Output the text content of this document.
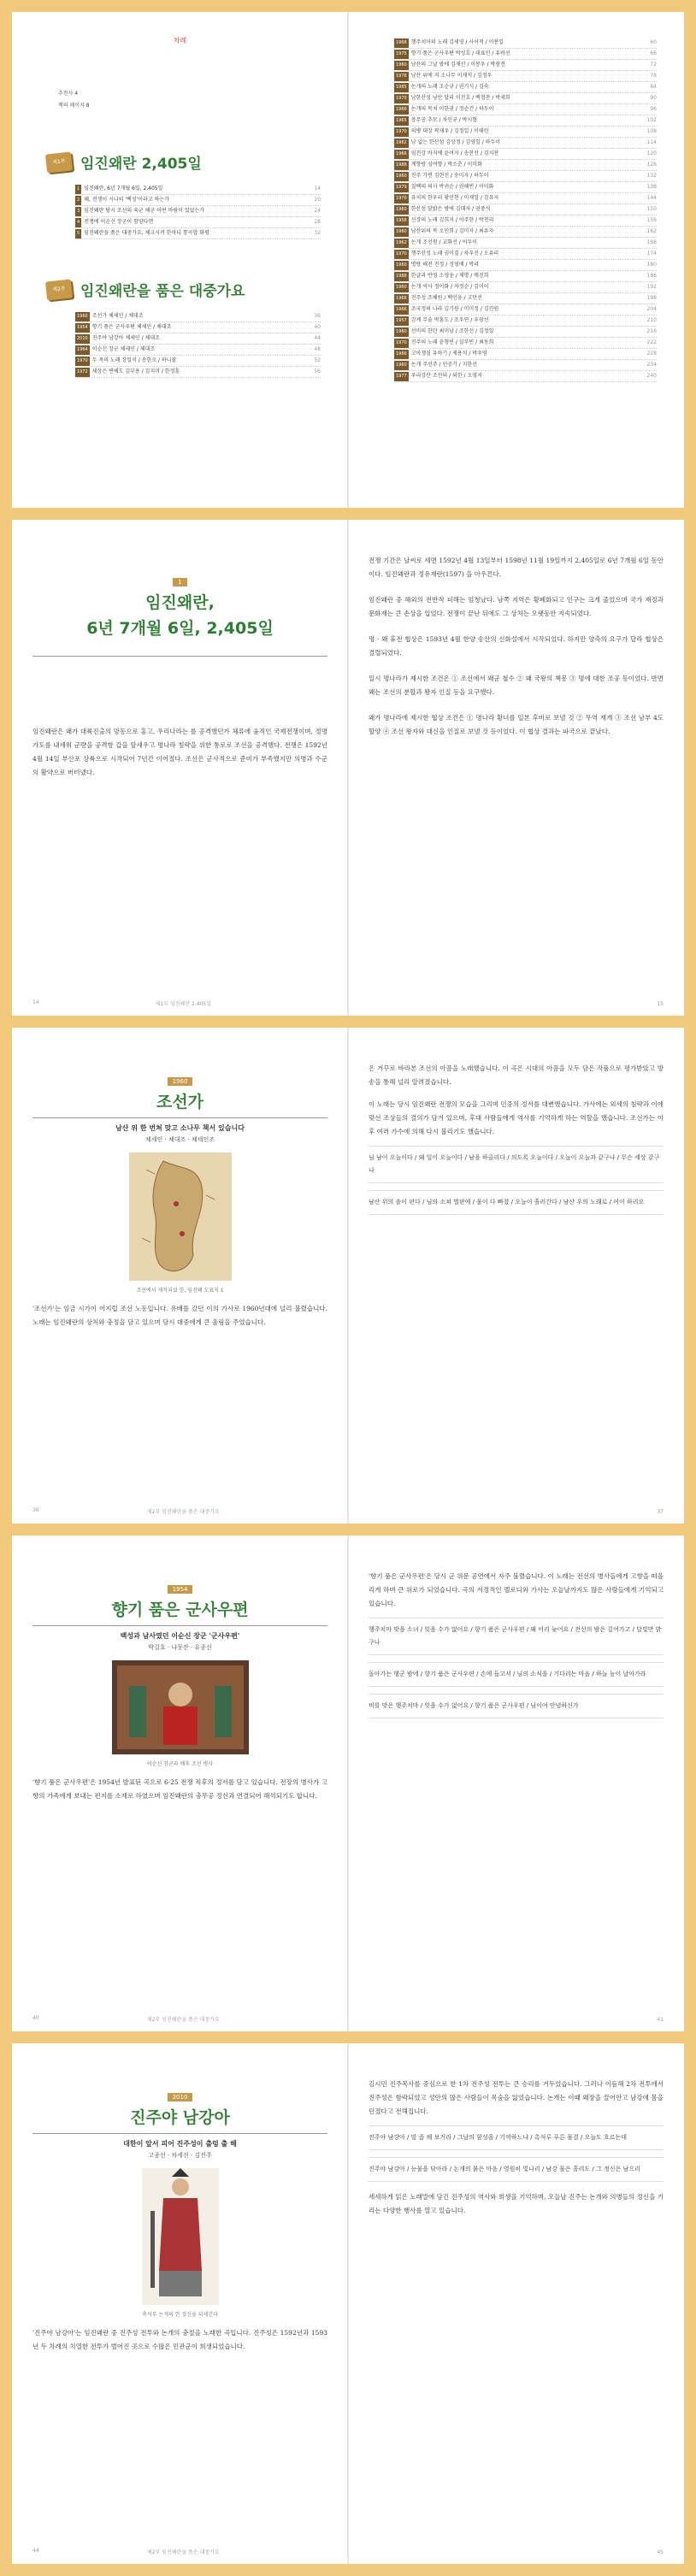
차례
추천사 4
책의 페이지 8
제1부	임진왜란 2,405일
1 임진왜란, 6년 7개월 6일, 2,405일	14
2 왜, 전쟁이 시나의 '백성'이라고 하는가	20
3 임진왜란 당시 조선의 육군 해군 어떤 바람이 있었는가	24
4 전쟁에 이순신 장군이 함양다면	28
5 임진왜란을 품은 대중가요, 체크시켜 한마디 통곡합 화평	32
제2부	임진왜란을 품은 대중가요
1960 조선가 체세인 / 체대조	36
1954 향기 품은 군사우편 체세인 / 체대조	40
2010 진주야 남강아 체세인 / 체대조	44
1964 이순신 장군 체세인 / 체대조	48
1970 두 목의 노래 장일석 / 송한오 / 하니잘	52
1972 세상은 변해도 김부용 / 김지미 / 한정훈	56
1968 행주치마의 노래 김세영 / 사이적 / 이봉일	60
1975 향기 품은 군사우편 박성호 / 대표인 / 유하선	66
1960 남산의 그날 밤에 김재선 / 이봉우 / 박창전	72
1978 남산 위에 저 소나무 이재석 / 김정우	78
1985 논개의 노래 조순규 / 권기식 / 김숙	84
1970 남한산성 낭산 달리 이진호 / 백정찬 / 박세희	90
1966 논개의 목쳐 이한권 / 정순건 / 하두이	96
1965 충무공 추모 / 차인규 / 박시형	102
1970 의병 대장 곽재우 / 김정일 / 이태린	108
1962 남 없는 한산섬 김상정 / 김영일 / 하두이	114
1966 임진강 바지에 윤여자 / 송찬선 / 김지찬	120
1988 계향랑 심여향 / 박소춘 / 이미화	126
1960 진주 가면 김현진 / 송미자 / 하두이	132
1979 칠백의 의사 박귀순 / 권혜빈 / 이미화	138
1970 유치의 한우리 황인현 / 이재일 / 김유지	144
1960 한산섬 달밝은 밤에 김대자 / 권중석	150
1958 신장의 노래 김희지 / 이주한 / 박천리	156
1960 남산위의 목 오민희 / 김미자 / 최유자	162
1962 논개 조선원 / 교화선 / 이두이	168
1970 행주산성 노래 권이결 / 차우선 / 오유리	174
1960 명랑 해전 진정 / 성영배 / 박리	180
1988 한글과 반영 소영웅 / 제명 / 매진희	186
1960 논개 역사 정이화 / 차정순 / 김미이	192
1966 진주성 조혜원 / 백인웅 / 고만선	198
1966 조국정의 나라 김기원 / 이미정 / 김진원	204
1957 감계 무술 박홍도 / 조우연 / 우광선	210
1960 선비의 한탄 최미남 / 조한선 / 김정일	216
1970 진주의 노래 윤형빈 / 실부빈 / 최동희	222
1966 고아쟁심 유하기 / 제용석 / 박우영	228
1960 논개 주선주 / 인공기 / 지한선	234
1977 우리강산 조선의 / 외한 / 오영지	240
1
임진왜란,
6년 7개월 6일, 2,405일

임진왜란은 왜가 대륙진출의 망동으로 홍고, 우리나라는 를 공격했던가 체류에 움직인 국제전쟁이며, 정명가도를 내세워 군량을 공격함 갑을 앞세우고 명나라 침략을 위한 통로로 조선을 공격했다. 전쟁은 1592년 4월 14일 부산포 상륙으로 시작되어 7년간 이어졌다. 조선은 군사적으로 준비가 부족했지만 의병과 수군의 활약으로 버텨냈다.

14	제1부 임진왜란 2,405일

전쟁 기간은 날씨로 세면 1592년 4월 13일부터 1598년 11월 19일까지 2,405일로 6년 7개월 6일 동안이다. 임진왜란과 정유재란(1597) 을 아우른다.

임진왜란 중 해외의 전반적 피해는 엄청났다. 남쪽 지역은 황폐화되고 인구는 크게 줄었으며 국가 재정과 문화재는 큰 손상을 입었다. 전쟁이 끝난 뒤에도 그 상처는 오랫동안 지속되었다.

명 · 왜 휴전 협상은 1593년 4월 한양 송산의 신화설에서 시작되었다. 하지만 양측의 요구가 달라 협상은 결렬되었다.

일시 명나라가 제시한 조건은 ① 조선에서 왜군 철수 ② 왜 국왕의 책봉 ③ 명에 대한 조공 등이었다. 반면 왜는 조선의 분할과 왕자 인질 등을 요구했다.

왜가 명나라에 제시한 협상 조건은 ① 명나라 황녀를 일본 후비로 보낼 것 ② 무역 재개 ③ 조선 남부 4도 할양 ④ 조선 왕자와 대신을 인질로 보낼 것 등이었다. 이 협상 결과는 파국으로 끝났다.

15
1960
조선가
남산 위 한 번쳐 맞고 소나무 책서 있습니다
체세인 · 체대조 · 체세인조
조선에서 제작되었 한, 임진왜 도표지 1

'조선가'는 임금 시가이 어지럽 조선 노동입니다. 유배를 갔던 이의 가사로 1960년대에 널리 불렸습니다. 노래는 임진왜란의 상처와 충정을 담고 있으며 당시 대중에게 큰 울림을 주었습니다.

36	제2부 임진왜란을 품은 대중가요

은 거꾸로 바라본 조선의 아픔을 노래했습니다. 이 곡은 시대의 아픔을 모두 담은 작품으로 평가받았고 방송을 통해 널리 알려졌습니다.

이 노래는 당시 임진왜란 전쟁의 모습을 그리며 민중의 정서를 대변했습니다. 가사에는 외세의 침략과 이에 맞선 조상들의 결의가 담겨 있으며, 후대 사람들에게 역사를 기억하게 하는 역할을 했습니다. 조선가는 이후 여러 가수에 의해 다시 불리기도 했습니다.

님 남이 오늘이다 / 왜 일이 오늘이다 / 남을 하올리다 / 의도록 오늘이다 / 오늘이 오늘과 같구나 / 무슨 세상 같구나
남산 위의 솔이 펀다 / 님의 소쳐 벌판에 / 물이 다 빠졌 / 오늘이 흘러간다 / 남산 우의 노래로 / 어이 하리오
37
1954
향기 품은 군사우편
백성과 남사였던 이순신 장군 '군사우편'
박길호 · 나뭇잔 · 유종선
이순신 장군과 배후 조선 병사

'향기 품은 군사우편'은 1954년 발표된 곡으로 6·25 전쟁 직후의 정서를 담고 있습니다. 전장의 병사가 고향의 가족에게 보내는 편지를 소재로 하였으며 임진왜란의 충무공 정신과 연결되어 해석되기도 합니다.

40	제2부 임진왜란을 품은 대중가요

'향기 품은 군사우편'은 당시 군 위문 공연에서 자주 불렸습니다. 이 노래는 전선의 병사들에게 고향을 떠올리게 하며 큰 위로가 되었습니다. 곡의 서정적인 멜로디와 가사는 오늘날까지도 많은 사람들에게 기억되고 있습니다.

행주치마 맞을 소녀 / 잊을 수가 없어요 / 향기 품은 군사우편 / 왜 이리 늦어요 / 전선의 밤은 깊어가고 / 달빛만 밝구나
돌아가는 행군 밤에 / 향기 품은 군사우편 / 손에 들고서 / 님의 소식을 / 기다리는 마음 / 하늘 높이 날아가라
비를 맞은 행주치마 / 잊을 수가 없어요 / 향기 품은 군사우편 / 님이여 안녕하신가
41
2010
진주야 남강아
대한이 앞서 피어 진주성이 출렁 출 해
고종선 · 차세진 · 김진주
촉석루 논개의 한 정신을 되새긴다

'진주야 남강아'는 임진왜란 중 진주성 전투와 논개의 충절을 노래한 곡입니다. 진주성은 1592년과 1593년 두 차례의 치열한 전투가 벌어진 곳으로 수많은 민관군이 희생되었습니다.

44	제2부 임진왜란을 품은 대중가요

김시민 진주목사를 중심으로 한 1차 진주성 전투는 큰 승리를 거두었습니다. 그러나 이듬해 2차 전투에서 진주성은 함락되었고 성안의 많은 사람들이 목숨을 잃었습니다. 논개는 이때 왜장을 끌어안고 남강에 몸을 던졌다고 전해집니다.

진주야 남강아 / 말 좀 해 보거라 / 그날의 함성을 / 기억하느냐 / 촉석루 푸른 물결 / 오늘도 흐르는데
진주야 남강아 / 눈물을 닦아라 / 논개의 붉은 마음 / 영원히 빛나리 / 남강 물은 흘러도 / 그 정신은 남으리

세세하게 읽은 노래말에 담긴 진주성의 역사와 희생을 기억하며, 오늘날 진주는 논개와 의병들의 정신을 기리는 다양한 행사를 열고 있습니다.

45
